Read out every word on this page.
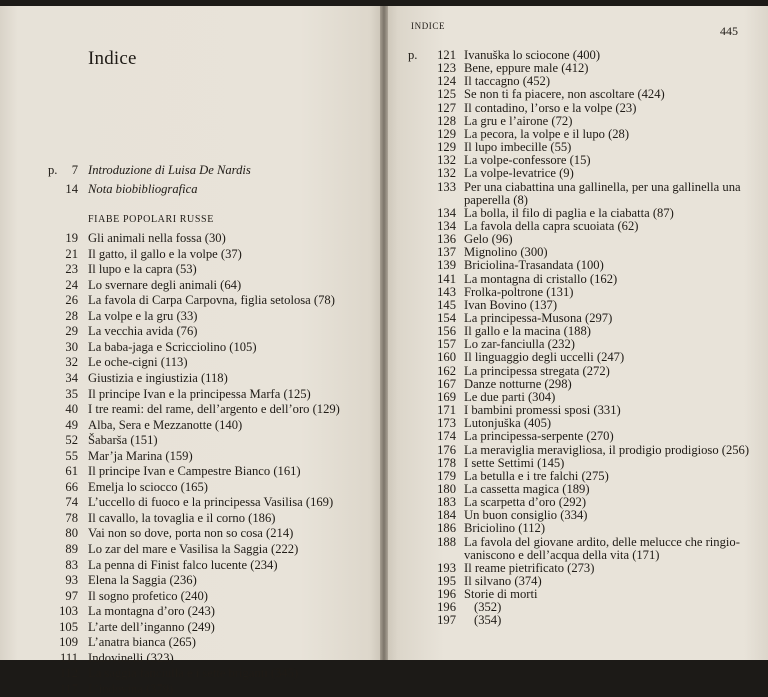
Indice
p.	7 Introduzione di Luisa De Nardis
14 Nota biobibliografica
FIABE POPOLARI RUSSE
19 Gli animali nella fossa (30)
21 Il gatto, il gallo e la volpe (37)
23 Il lupo e la capra (53)
24 Lo svernare degli animali (64)
26 La favola di Carpa Carpovna, figlia setolosa (78)
28 La volpe e la gru (33)
29 La vecchia avida (76)
30 La baba-jaga e Scricciolino (105)
32 Le oche-cigni (113)
34 Giustizia e ingiustizia (118)
35 Il principe Ivan e la principessa Marfa (125)
40 I tre reami: del rame, dell’argento e dell’oro (129)
49 Alba, Sera e Mezzanotte (140)
52 Šabarša (151)
55 Mar’ja Marina (159)
61 Il principe Ivan e Campestre Bianco (161)
66 Emelja lo sciocco (165)
74 L’uccello di fuoco e la principessa Vasilisa (169)
78 Il cavallo, la tovaglia e il corno (186)
80 Vai non so dove, porta non so cosa (214)
89 Lo zar del mare e Vasilisa la Saggia (222)
83 La penna di Finist falco lucente (234)
93 Elena la Saggia (236)
97 Il sogno profetico (240)
103 La montagna d’oro (243)
105 L’arte dell’inganno (249)
109 L’anatra bianca (265)
111 Indovinelli (323)
112 La saggia fanciulla e i sette briganti (345)
117 L’indovina (379)
INDICE	445
p.	121 Ivanuška lo sciocone (400)
123 Bene, eppure male (412)
124 Il taccagno (452)
125 Se non ti fa piacere, non ascoltare (424)
127 Il contadino, l’orso e la volpe (23)
128 La gru e l’airone (72)
129 La pecora, la volpe e il lupo (28)
129 Il lupo imbecille (55)
132 La volpe-confessore (15)
132 La volpe-levatrice (9)
133 Per una ciabattina una gallinella, per una gallinella una
paperella (8)
134 La bolla, il filo di paglia e la ciabatta (87)
134 La favola della capra scuoiata (62)
136 Gelo (96)
137 Mignolino (300)
139 Briciolina-Trasandata (100)
141 La montagna di cristallo (162)
143 Frolka-poltrone (131)
145 Ivan Bovino (137)
154 La principessa-Musona (297)
156 Il gallo e la macina (188)
157 Lo zar-fanciulla (232)
160 Il linguaggio degli uccelli (247)
162 La principessa stregata (272)
167 Danze notturne (298)
169 Le due parti (304)
171 I bambini promessi sposi (331)
173 Lutonjuška (405)
174 La principessa-serpente (270)
176 La meraviglia meravigliosa, il prodigio prodigioso (256)
178 I sette Settimi (145)
179 La betulla e i tre falchi (275)
180 La cassetta magica (189)
183 La scarpetta d’oro (292)
184 Un buon consiglio (334)
186 Briciolino (112)
188 La favola del giovane ardito, delle melucce che ringio-
vaniscono e dell’acqua della vita (171)
193 Il reame pietrificato (273)
195 Il silvano (374)
196 Storie di morti
196 (352)
197 (354)
